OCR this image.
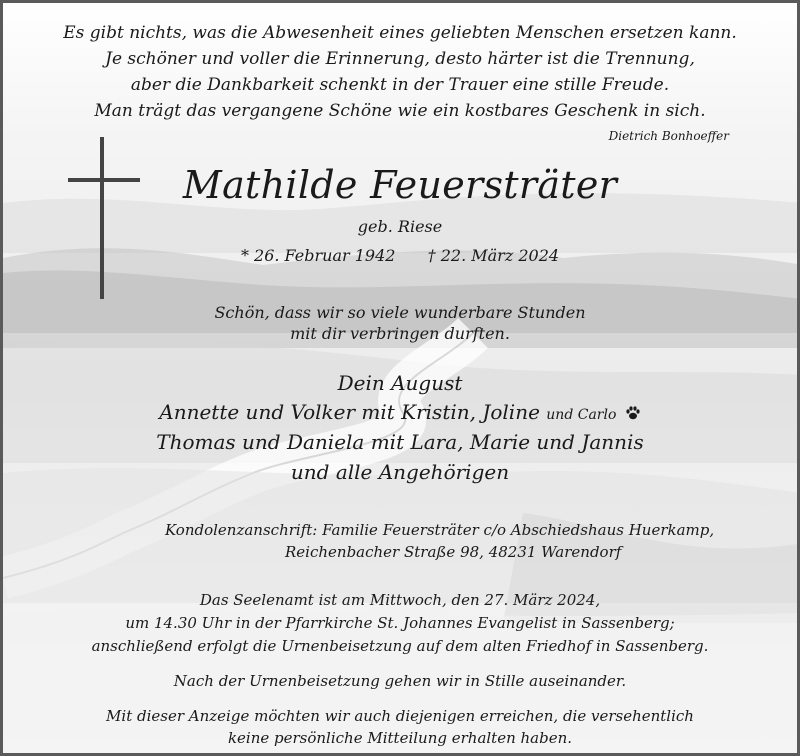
Es gibt nichts, was die Abwesenheit eines geliebten Menschen ersetzen kann.
Je schöner und voller die Erinnerung, desto härter ist die Trennung,
aber die Dankbarkeit schenkt in der Trauer eine stille Freude.
Man trägt das vergangene Schöne wie ein kostbares Geschenk in sich.
Dietrich Bonhoeffer
Mathilde Feuersträter
geb. Riese
* 26. Februar 1942 † 22. März 2024
Schön, dass wir so viele wunderbare Stunden
mit dir verbringen durften.
Dein August
Annette und Volker mit Kristin, Joline und Carlo
Thomas und Daniela mit Lara, Marie und Jannis
und alle Angehörigen
Kondolenzanschrift: Familie Feuersträter c/o Abschiedshaus Huerkamp,
Reichenbacher Straße 98, 48231 Warendorf
Das Seelenamt ist am Mittwoch, den 27. März 2024,
um 14.30 Uhr in der Pfarrkirche St. Johannes Evangelist in Sassenberg;
anschließend erfolgt die Urnenbeisetzung auf dem alten Friedhof in Sassenberg.
Nach der Urnenbeisetzung gehen wir in Stille auseinander.
Mit dieser Anzeige möchten wir auch diejenigen erreichen, die versehentlich
keine persönliche Mitteilung erhalten haben.
